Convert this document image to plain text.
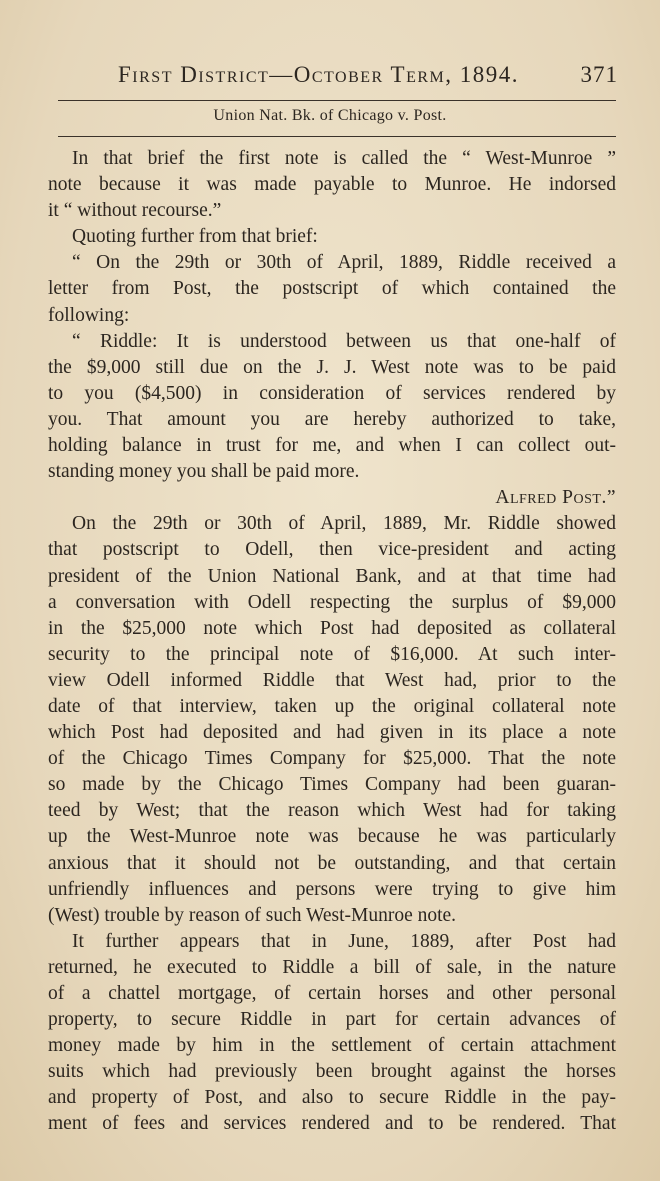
First District—October Term, 1894.	371
Union Nat. Bk. of Chicago v. Post.
In that brief the first note is called the “ West-Munroe ”
note because it was made payable to Munroe. He indorsed
it “ without recourse.”
Quoting further from that brief:
“ On the 29th or 30th of April, 1889, Riddle received a
letter from Post, the postscript of which contained the
following:
“ Riddle: It is understood between us that one-half of
the $9,000 still due on the J. J. West note was to be paid
to you ($4,500) in consideration of services rendered by
you. That amount you are hereby authorized to take,
holding balance in trust for me, and when I can collect out-
standing money you shall be paid more.
Alfred Post.”
On the 29th or 30th of April, 1889, Mr. Riddle showed
that postscript to Odell, then vice-president and acting
president of the Union National Bank, and at that time had
a conversation with Odell respecting the surplus of $9,000
in the $25,000 note which Post had deposited as collateral
security to the principal note of $16,000. At such inter-
view Odell informed Riddle that West had, prior to the
date of that interview, taken up the original collateral note
which Post had deposited and had given in its place a note
of the Chicago Times Company for $25,000. That the note
so made by the Chicago Times Company had been guaran-
teed by West; that the reason which West had for taking
up the West-Munroe note was because he was particularly
anxious that it should not be outstanding, and that certain
unfriendly influences and persons were trying to give him
(West) trouble by reason of such West-Munroe note.
It further appears that in June, 1889, after Post had
returned, he executed to Riddle a bill of sale, in the nature
of a chattel mortgage, of certain horses and other personal
property, to secure Riddle in part for certain advances of
money made by him in the settlement of certain attachment
suits which had previously been brought against the horses
and property of Post, and also to secure Riddle in the pay-
ment of fees and services rendered and to be rendered. That
